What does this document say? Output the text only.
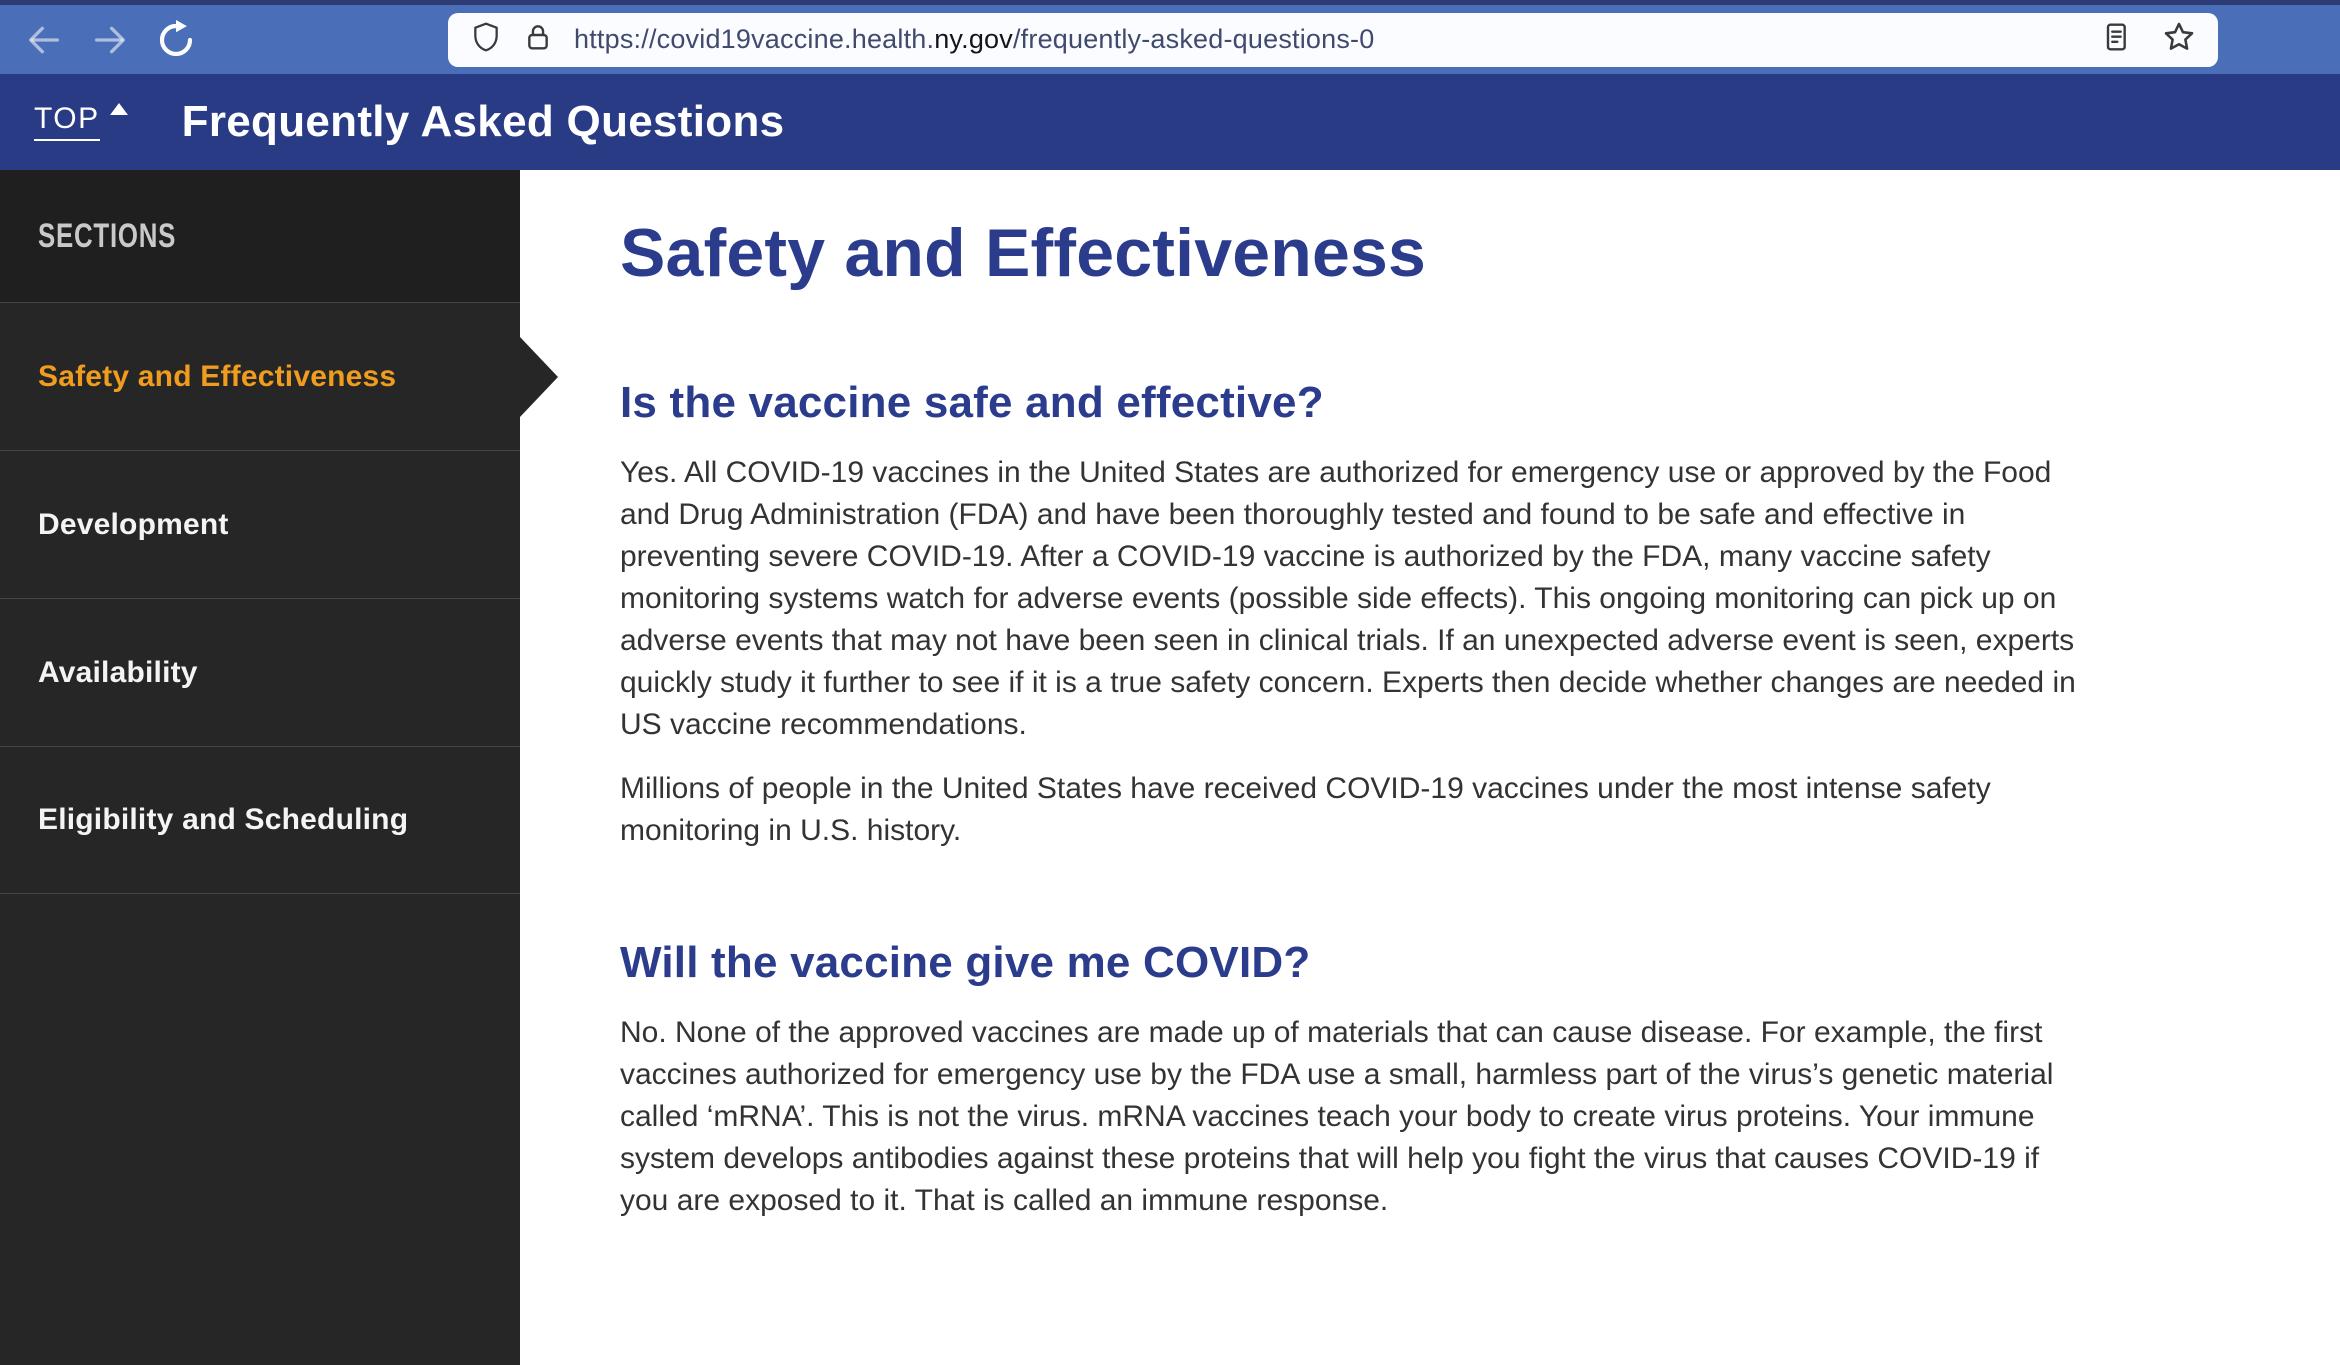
https://covid19vaccine.health.ny.gov/frequently-asked-questions-0
TOP Frequently Asked Questions
SECTIONS
Safety and Effectiveness
Development
Availability
Eligibility and Scheduling
Safety and Effectiveness
Is the vaccine safe and effective?

Yes. All COVID-19 vaccines in the United States are authorized for emergency use or approved by the Food and Drug Administration (FDA) and have been thoroughly tested and found to be safe and effective in preventing severe COVID-19. After a COVID-19 vaccine is authorized by the FDA, many vaccine safety monitoring systems watch for adverse events (possible side effects). This ongoing monitoring can pick up on adverse events that may not have been seen in clinical trials. If an unexpected adverse event is seen, experts quickly study it further to see if it is a true safety concern. Experts then decide whether changes are needed in US vaccine recommendations.

Millions of people in the United States have received COVID-19 vaccines under the most intense safety monitoring in U.S. history.

Will the vaccine give me COVID?

No. None of the approved vaccines are made up of materials that can cause disease. For example, the first vaccines authorized for emergency use by the FDA use a small, harmless part of the virus’s genetic material called ‘mRNA’. This is not the virus. mRNA vaccines teach your body to create virus proteins. Your immune system develops antibodies against these proteins that will help you fight the virus that causes COVID-19 if you are exposed to it. That is called an immune response.
